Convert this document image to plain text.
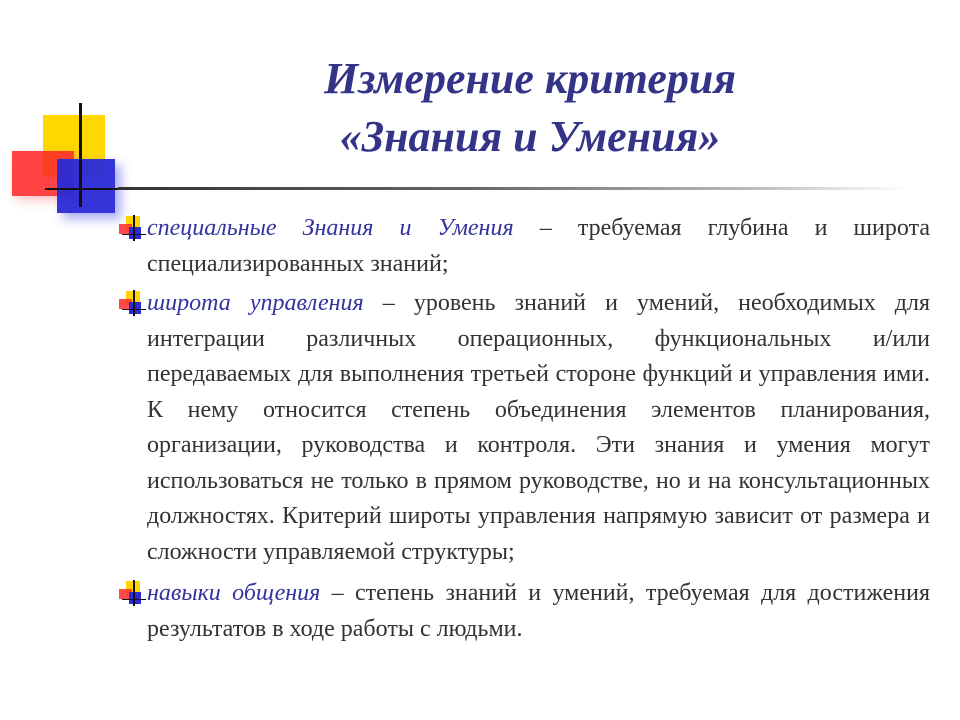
Измерение критерия
«Знания и Умения»

специальные Знания и Умения – требуемая глубина и широта специализированных знаний;

широта управления – уровень знаний и умений, необходимых для интеграции различных операционных, функциональных и/или передаваемых для выполнения третьей стороне функций и управления ими. К нему относится степень объединения элементов планирования, организации, руководства и контроля. Эти знания и умения могут использоваться не только в прямом руководстве, но и на консультационных должностях. Критерий широты управления напрямую зависит от размера и сложности управляемой структуры;

навыки общения – степень знаний и умений, требуемая для достижения результатов в ходе работы с людьми.
